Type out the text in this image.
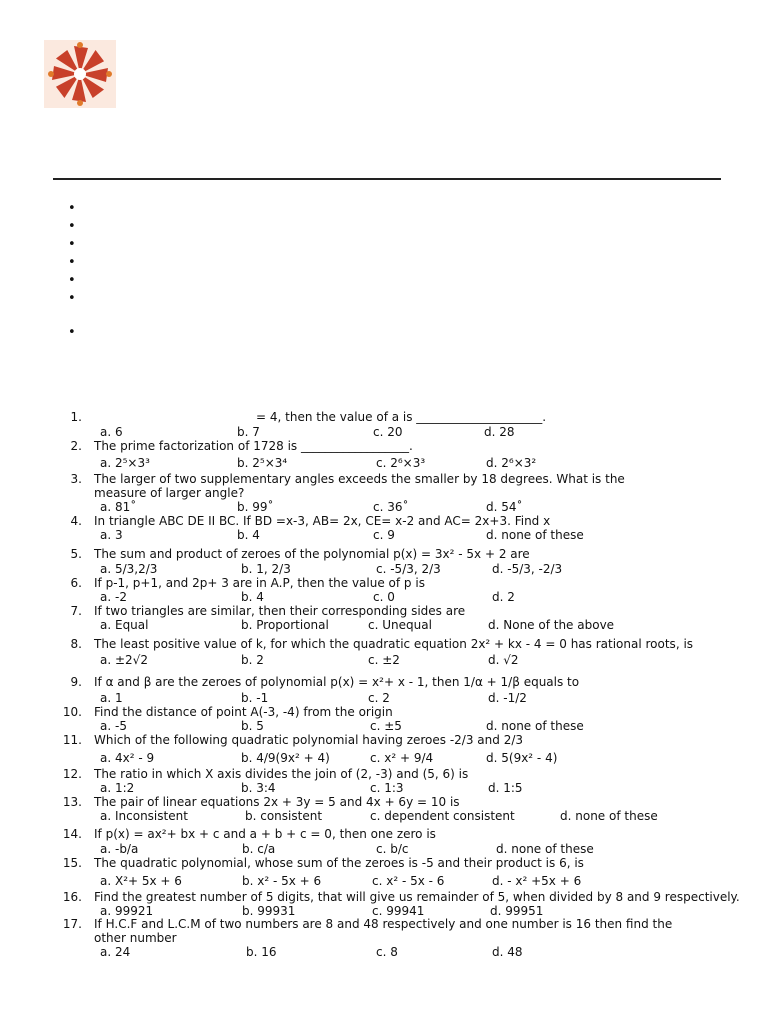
•
•
•
•
•
•
•
1.	= 4, then the value of a is _____________________.
a. 6	b. 7	c. 20	d. 28
2. The prime factorization of 1728 is __________________.
a. 2⁵×3³	b. 2⁵×3⁴	c. 2⁶×3³	d. 2⁶×3²
3. The larger of two supplementary angles exceeds the smaller by 18 degrees. What is the measure of larger angle?
a. 81˚	b. 99˚	c. 36˚	d. 54˚
4. In triangle ABC DE II BC. If BD =x-3, AB= 2x, CE= x-2 and AC= 2x+3. Find x
a. 3	b. 4	c. 9	d. none of these
5. The sum and product of zeroes of the polynomial p(x) = 3x² - 5x + 2 are
a. 5/3,2/3	b. 1, 2/3	c. -5/3, 2/3	d. -5/3, -2/3
6. If p-1, p+1, and 2p+ 3 are in A.P, then the value of p is
a. -2	b. 4	c. 0	d. 2
7. If two triangles are similar, then their corresponding sides are
a. Equal	b. Proportional	c. Unequal	d. None of the above
8. The least positive value of k, for which the quadratic equation 2x² + kx - 4 = 0 has rational roots, is
a. ±2√2	b. 2	c. ±2	d. √2
9. If α and β are the zeroes of polynomial p(x) = x²+ x - 1, then 1/α + 1/β equals to
a. 1	b. -1	c. 2	d. -1/2
10. Find the distance of point A(-3, -4) from the origin
a. -5	b. 5	c. ±5	d. none of these
11. Which of the following quadratic polynomial having zeroes -2/3 and 2/3
a. 4x² - 9	b. 4/9(9x² + 4)	c. x² + 9/4	d. 5(9x² - 4)
12. The ratio in which X axis divides the join of (2, -3) and (5, 6) is
a. 1:2	b. 3:4	c. 1:3	d. 1:5
13. The pair of linear equations 2x + 3y = 5 and 4x + 6y = 10 is
a. Inconsistent	b. consistent	c. dependent consistent	d. none of these
14. If p(x) = ax²+ bx + c and a + b + c = 0, then one zero is
a. -b/a	b. c/a	c. b/c	d. none of these
15. The quadratic polynomial, whose sum of the zeroes is -5 and their product is 6, is
a. X²+ 5x + 6	b. x² - 5x + 6	c. x² - 5x - 6	d. - x² +5x + 6
16. Find the greatest number of 5 digits, that will give us remainder of 5, when divided by 8 and 9 respectively.
a. 99921	b. 99931	c. 99941	d. 99951
17. If H.C.F and L.C.M of two numbers are 8 and 48 respectively and one number is 16 then find the other number
a. 24	b. 16	c. 8	d. 48
